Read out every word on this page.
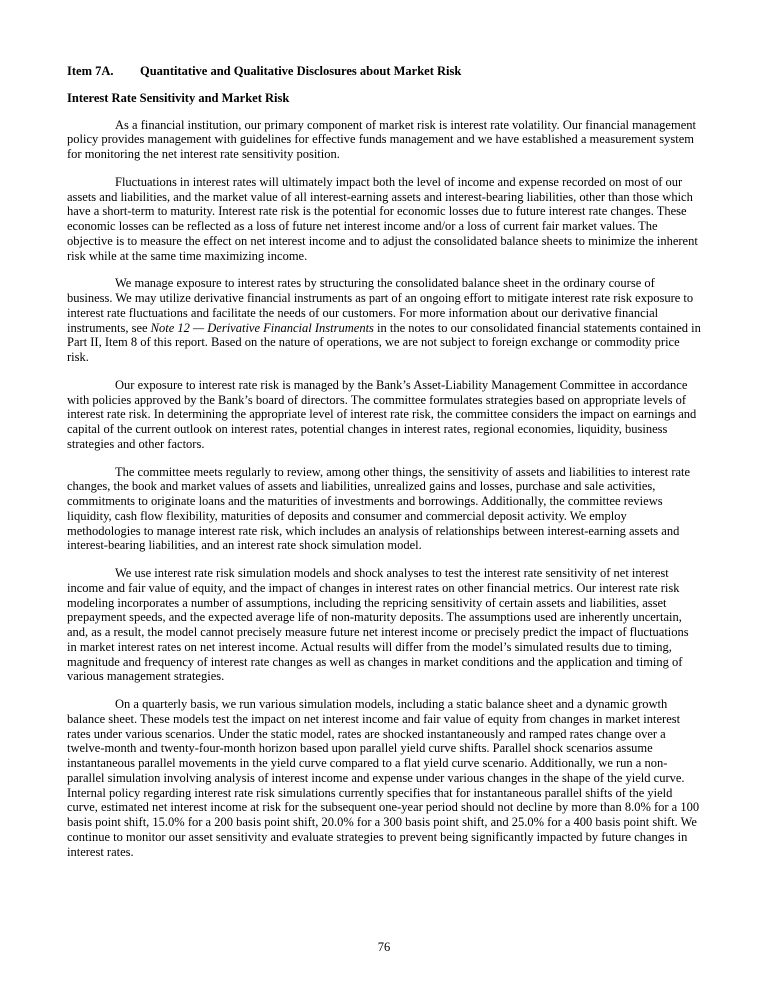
Item 7A. Quantitative and Qualitative Disclosures about Market Risk
Interest Rate Sensitivity and Market Risk

As a financial institution, our primary component of market risk is interest rate volatility. Our financial management policy provides management with guidelines for effective funds management and we have established a measurement system for monitoring the net interest rate sensitivity position.

Fluctuations in interest rates will ultimately impact both the level of income and expense recorded on most of our assets and liabilities, and the market value of all interest-earning assets and interest-bearing liabilities, other than those which have a short-term to maturity. Interest rate risk is the potential for economic losses due to future interest rate changes. These economic losses can be reflected as a loss of future net interest income and/or a loss of current fair market values. The objective is to measure the effect on net interest income and to adjust the consolidated balance sheets to minimize the inherent risk while at the same time maximizing income.

We manage exposure to interest rates by structuring the consolidated balance sheet in the ordinary course of business. We may utilize derivative financial instruments as part of an ongoing effort to mitigate interest rate risk exposure to interest rate fluctuations and facilitate the needs of our customers. For more information about our derivative financial instruments, see Note 12 — Derivative Financial Instruments in the notes to our consolidated financial statements contained in Part II, Item 8 of this report. Based on the nature of operations, we are not subject to foreign exchange or commodity price risk.

Our exposure to interest rate risk is managed by the Bank’s Asset-Liability Management Committee in accordance with policies approved by the Bank’s board of directors. The committee formulates strategies based on appropriate levels of interest rate risk. In determining the appropriate level of interest rate risk, the committee considers the impact on earnings and capital of the current outlook on interest rates, potential changes in interest rates, regional economies, liquidity, business strategies and other factors.

The committee meets regularly to review, among other things, the sensitivity of assets and liabilities to interest rate changes, the book and market values of assets and liabilities, unrealized gains and losses, purchase and sale activities, commitments to originate loans and the maturities of investments and borrowings. Additionally, the committee reviews liquidity, cash flow flexibility, maturities of deposits and consumer and commercial deposit activity. We employ methodologies to manage interest rate risk, which includes an analysis of relationships between interest-earning assets and interest-bearing liabilities, and an interest rate shock simulation model.

We use interest rate risk simulation models and shock analyses to test the interest rate sensitivity of net interest income and fair value of equity, and the impact of changes in interest rates on other financial metrics. Our interest rate risk modeling incorporates a number of assumptions, including the repricing sensitivity of certain assets and liabilities, asset prepayment speeds, and the expected average life of non-maturity deposits. The assumptions used are inherently uncertain, and, as a result, the model cannot precisely measure future net interest income or precisely predict the impact of fluctuations in market interest rates on net interest income. Actual results will differ from the model’s simulated results due to timing, magnitude and frequency of interest rate changes as well as changes in market conditions and the application and timing of various management strategies.

On a quarterly basis, we run various simulation models, including a static balance sheet and a dynamic growth balance sheet. These models test the impact on net interest income and fair value of equity from changes in market interest rates under various scenarios. Under the static model, rates are shocked instantaneously and ramped rates change over a twelve-month and twenty-four-month horizon based upon parallel yield curve shifts. Parallel shock scenarios assume instantaneous parallel movements in the yield curve compared to a flat yield curve scenario. Additionally, we run a non-parallel simulation involving analysis of interest income and expense under various changes in the shape of the yield curve. Internal policy regarding interest rate risk simulations currently specifies that for instantaneous parallel shifts of the yield curve, estimated net interest income at risk for the subsequent one-year period should not decline by more than 8.0% for a 100 basis point shift, 15.0% for a 200 basis point shift, 20.0% for a 300 basis point shift, and 25.0% for a 400 basis point shift. We continue to monitor our asset sensitivity and evaluate strategies to prevent being significantly impacted by future changes in interest rates.

76
